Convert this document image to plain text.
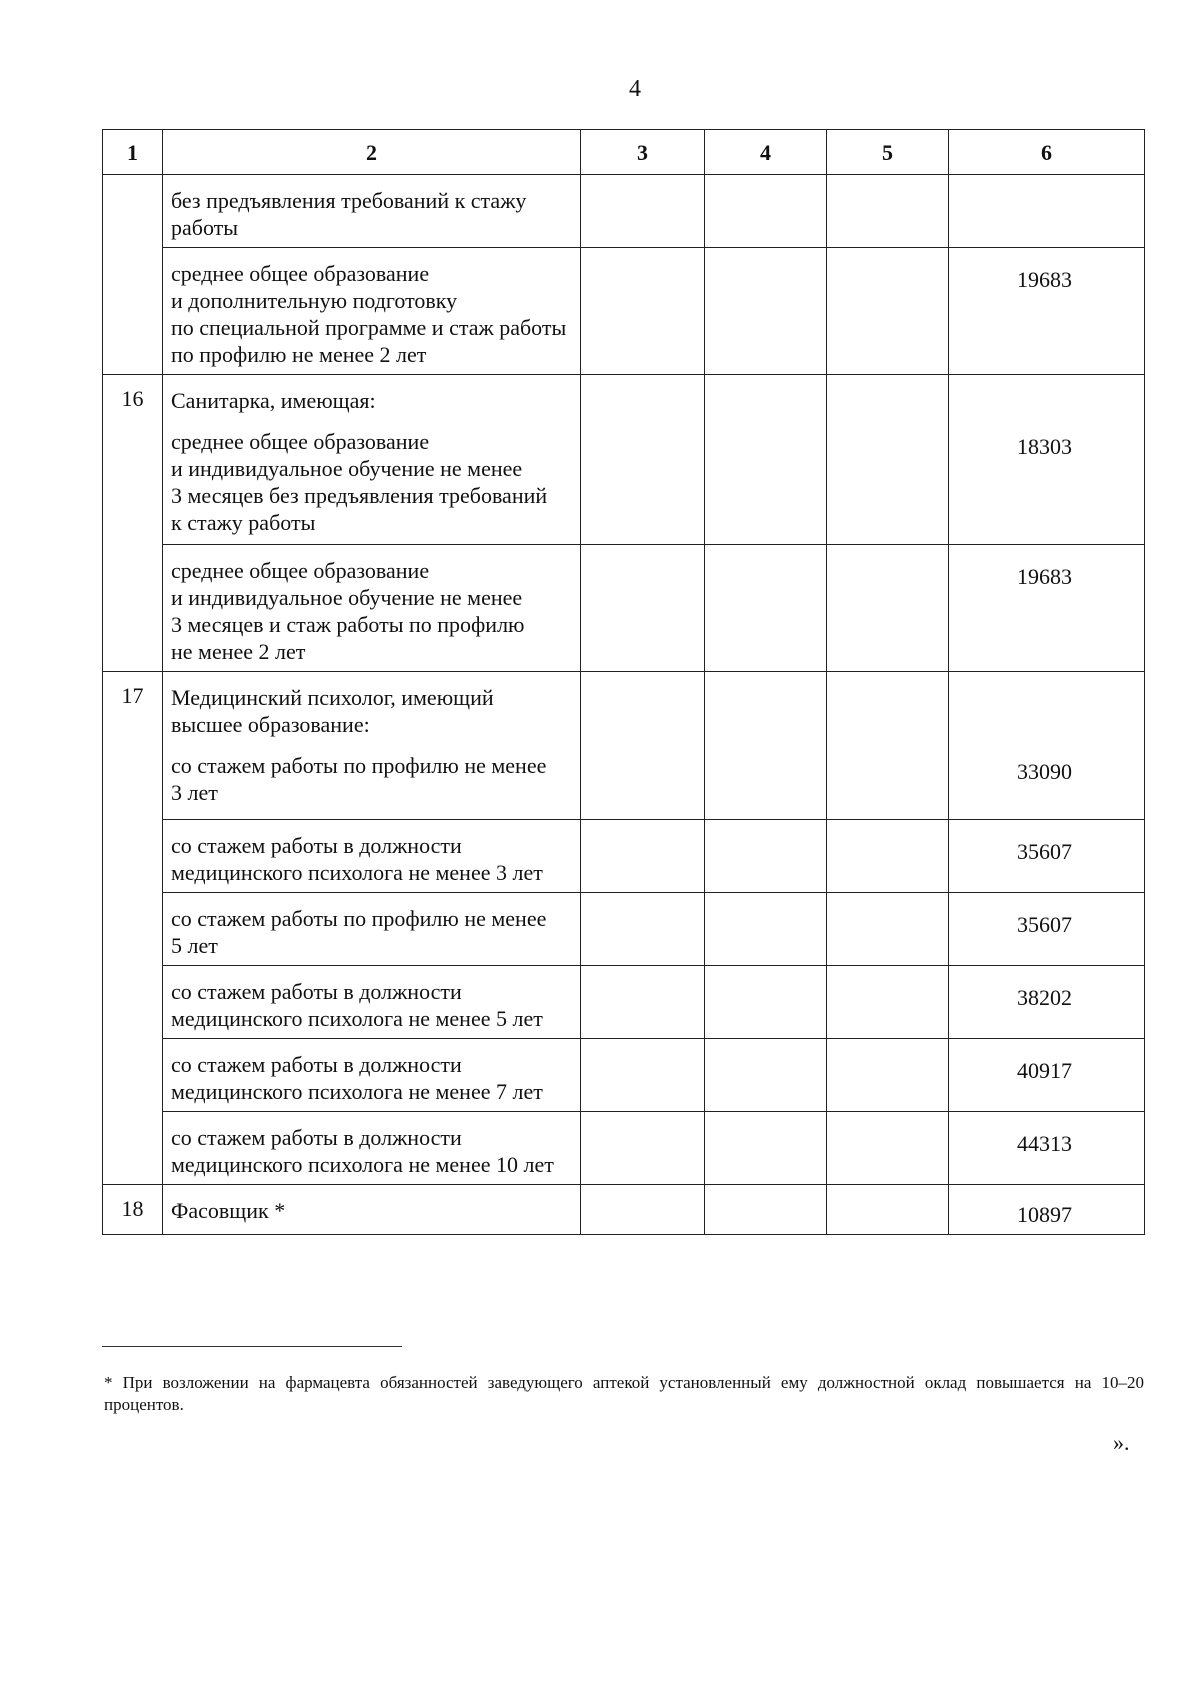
4
1	2	3	4	5	6

	без предъявления требований к стажу
работы				

	среднее общее образование
и дополнительную подготовку
по специальной программе и стаж работы
по профилю не менее 2 лет				19683
16	Санитарка, имеющая:
среднее общее образование
и индивидуальное обучение не менее
3 месяцев без предъявления требований
к стажу работы				18303

	среднее общее образование
и индивидуальное обучение не менее
3 месяцев и стаж работы по профилю
не менее 2 лет				19683
17	Медицинский психолог, имеющий
высшее образование:
со стажем работы по профилю не менее
3 лет				33090

	со стажем работы в должности
медицинского психолога не менее 3 лет				35607

	со стажем работы по профилю не менее
5 лет				35607

	со стажем работы в должности
медицинского психолога не менее 5 лет				38202

	со стажем работы в должности
медицинского психолога не менее 7 лет				40917

	со стажем работы в должности
медицинского психолога не менее 10 лет				44313
18	Фасовщик *				10897
* При возложении на фармацевта обязанностей заведующего аптекой установленный ему должностной оклад повышается на 10–20 процентов.
».
